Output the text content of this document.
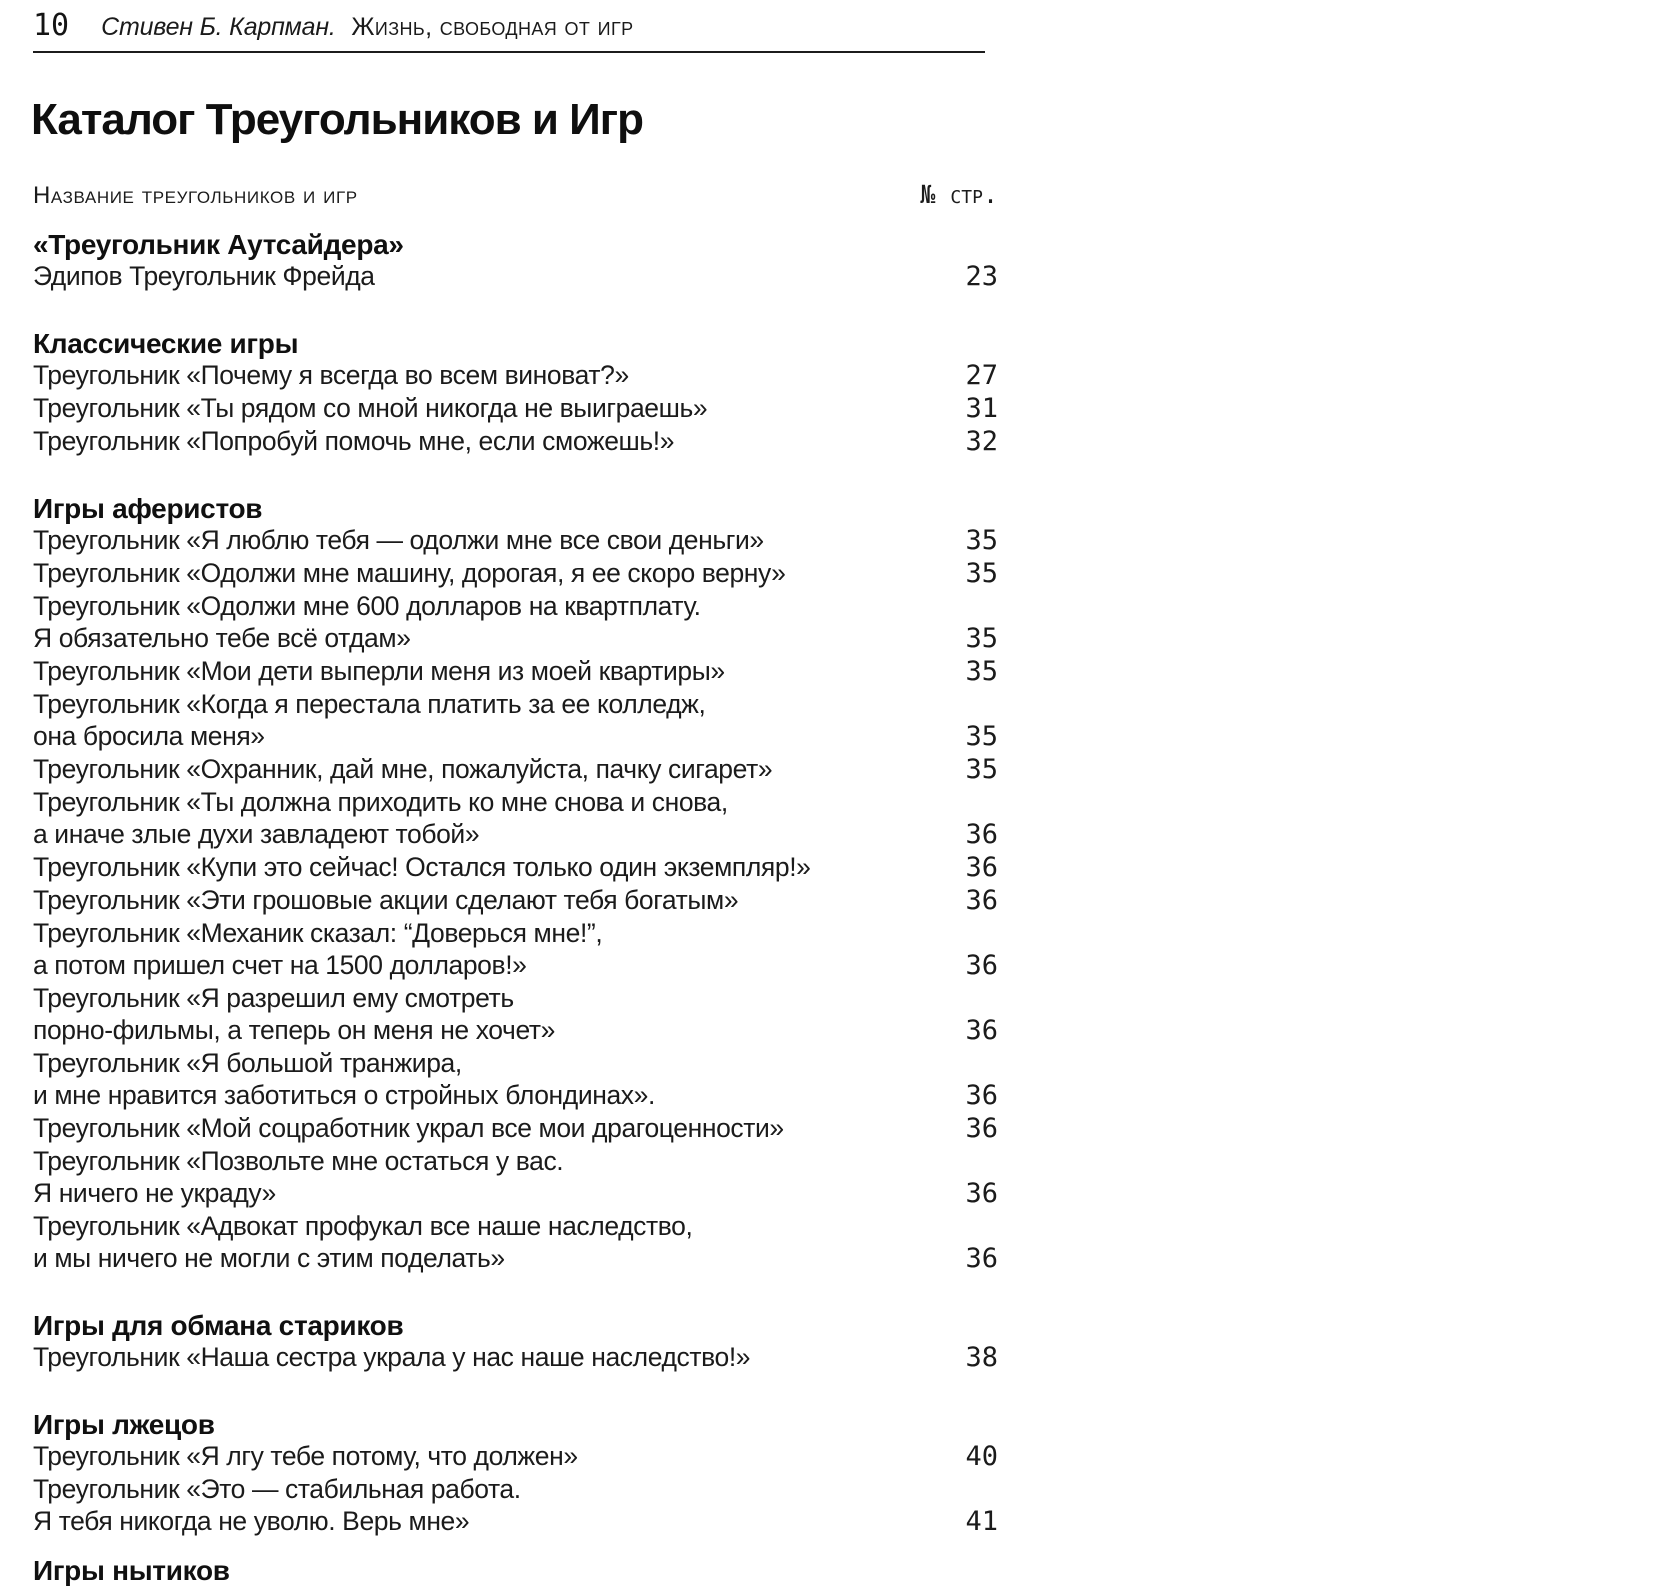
10 Стивен Б. Карпман. Жизнь, свободная от игр
Каталог Треугольников и Игр
Название треугольников и игр	№ стр.
«Треугольник Аутсайдера»
Эдипов Треугольник Фрейда	23
Классические игры
Треугольник «Почему я всегда во всем виноват?»	27
Треугольник «Ты рядом со мной никогда не выиграешь»	31
Треугольник «Попробуй помочь мне, если сможешь!»	32
Игры аферистов
Треугольник «Я люблю тебя — одолжи мне все свои деньги»	35
Треугольник «Одолжи мне машину, дорогая, я ее скоро верну»	35
Треугольник «Одолжи мне 600 долларов на квартплату.
Я обязательно тебе всё отдам»	35
Треугольник «Мои дети выперли меня из моей квартиры»	35
Треугольник «Когда я перестала платить за ее колледж,
она бросила меня»	35
Треугольник «Охранник, дай мне, пожалуйста, пачку сигарет»	35
Треугольник «Ты должна приходить ко мне снова и снова,
а иначе злые духи завладеют тобой»	36
Треугольник «Купи это сейчас! Остался только один экземпляр!»	36
Треугольник «Эти грошовые акции сделают тебя богатым»	36
Треугольник «Механик сказал: “Доверься мне!”,
а потом пришел счет на 1500 долларов!»	36
Треугольник «Я разрешил ему смотреть
порно-фильмы, а теперь он меня не хочет»	36
Треугольник «Я большой транжира,
и мне нравится заботиться о стройных блондинах».	36
Треугольник «Мой соцработник украл все мои драгоценности»	36
Треугольник «Позвольте мне остаться у вас.
Я ничего не украду»	36
Треугольник «Адвокат профукал все наше наследство,
и мы ничего не могли с этим поделать»	36
Игры для обмана стариков
Треугольник «Наша сестра украла у нас наше наследство!»	38
Игры лжецов
Треугольник «Я лгу тебе потому, что должен»	40
Треугольник «Это — стабильная работа.
Я тебя никогда не уволю. Верь мне»	41
Игры нытиков
